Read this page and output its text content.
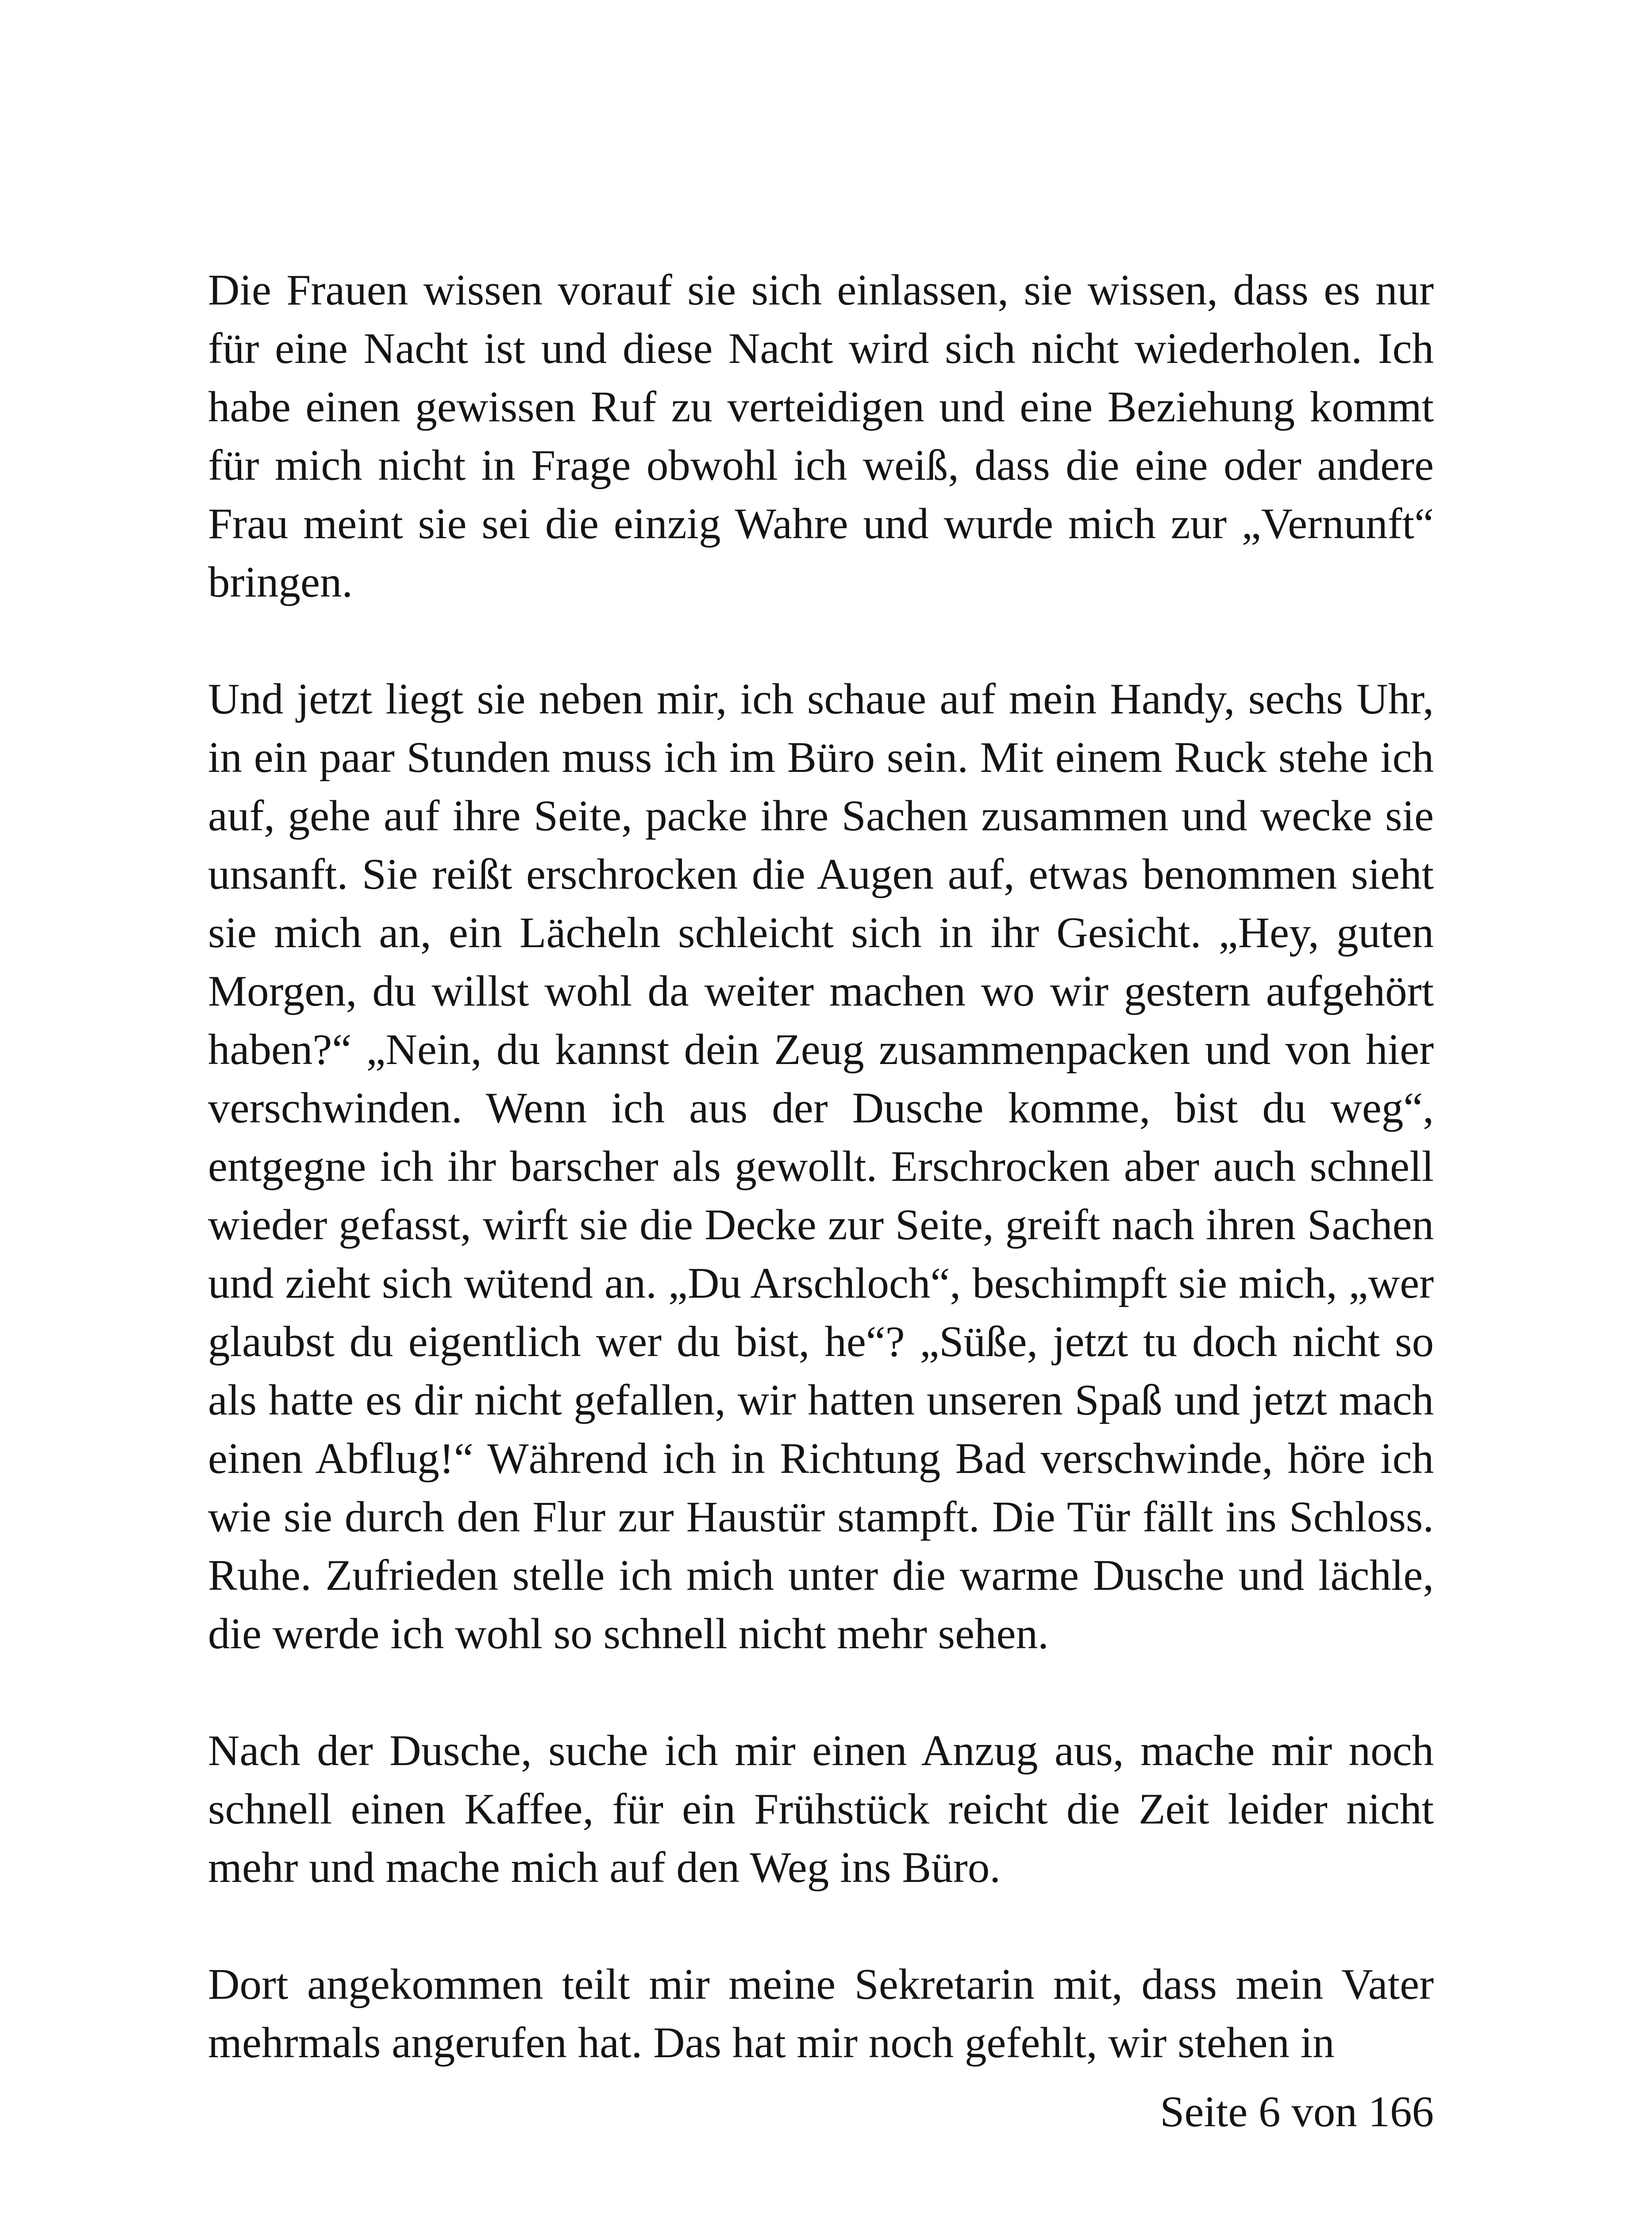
Die Frauen wissen vorauf sie sich einlassen, sie wissen, dass es nur für eine Nacht ist und diese Nacht wird sich nicht wiederholen. Ich habe einen gewissen Ruf zu verteidigen und eine Beziehung kommt für mich nicht in Frage obwohl ich weiß, dass die eine oder andere Frau meint sie sei die einzig Wahre und wurde mich zur „Vernunft“ bringen.

Und jetzt liegt sie neben mir, ich schaue auf mein Handy, sechs Uhr, in ein paar Stunden muss ich im Büro sein. Mit einem Ruck stehe ich auf, gehe auf ihre Seite, packe ihre Sachen zusammen und wecke sie unsanft. Sie reißt erschrocken die Augen auf, etwas benommen sieht sie mich an, ein Lächeln schleicht sich in ihr Gesicht. „Hey, guten Morgen, du willst wohl da weiter machen wo wir gestern aufgehört haben?“ „Nein, du kannst dein Zeug zusammenpacken und von hier verschwinden. Wenn ich aus der Dusche komme, bist du weg“, entgegne ich ihr barscher als gewollt. Erschrocken aber auch schnell wieder gefasst, wirft sie die Decke zur Seite, greift nach ihren Sachen und zieht sich wütend an. „Du Arschloch“, beschimpft sie mich, „wer glaubst du eigentlich wer du bist, he“? „Süße, jetzt tu doch nicht so als hatte es dir nicht gefallen, wir hatten unseren Spaß und jetzt mach einen Abflug!“ Während ich in Richtung Bad verschwinde, höre ich wie sie durch den Flur zur Haustür stampft. Die Tür fällt ins Schloss. Ruhe. Zufrieden stelle ich mich unter die warme Dusche und lächle, die werde ich wohl so schnell nicht mehr sehen.

Nach der Dusche, suche ich mir einen Anzug aus, mache mir noch schnell einen Kaffee, für ein Frühstück reicht die Zeit leider nicht mehr und mache mich auf den Weg ins Büro.

Dort angekommen teilt mir meine Sekretarin mit, dass mein Vater mehrmals angerufen hat. Das hat mir noch gefehlt, wir stehen in

Seite 6 von 166
